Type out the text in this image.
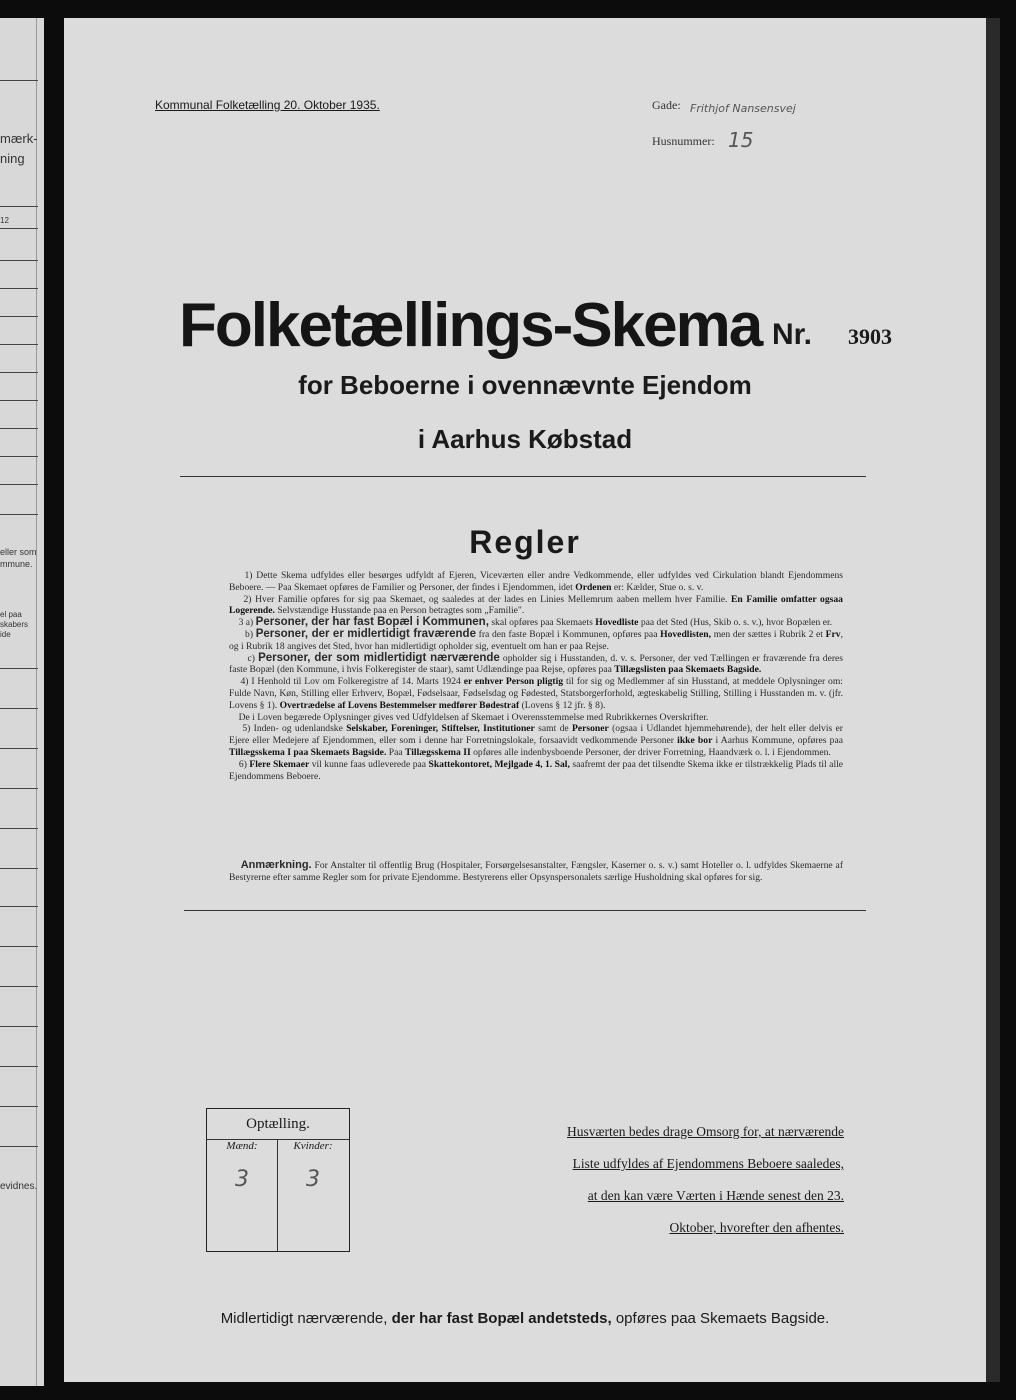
mærk-
ning
12
eller som
mmune.
el paa
skabers
ide
evidnes.
Kommunal Folketælling 20. Oktober 1935.	Gade: Frithjof Nansensvej
Husnummer: 15
Folketællings-Skema Nr. 3903
for Beboerne i ovennævnte Ejendom
i Aarhus Købstad
Regler

1) Dette Skema udfyldes eller besørges udfyldt af Ejeren, Viceværten eller andre Vedkommende, eller udfyldes ved Cirkulation blandt Ejendommens Beboere. — Paa Skemaet opføres de Familier og Personer, der findes i Ejendommen, idet Ordenen er: Kælder, Stue o. s. v.

2) Hver Familie opføres for sig paa Skemaet, og saaledes at der lades en Linies Mellemrum aaben mellem hver Familie. En Familie omfatter ogsaa Logerende. Selvstændige Husstande paa en Person betragtes som „Familie".

3 a) Personer, der har fast Bopæl i Kommunen, skal opføres paa Skemaets Hovedliste paa det Sted (Hus, Skib o. s. v.), hvor Bopælen er.

b) Personer, der er midlertidigt fraværende fra den faste Bopæl i Kommunen, opføres paa Hovedlisten, men der sættes i Rubrik 2 et Frv, og i Rubrik 18 angives det Sted, hvor han midlertidigt opholder sig, eventuelt om han er paa Rejse.

c) Personer, der som midlertidigt nærværende opholder sig i Husstanden, d. v. s. Personer, der ved Tællingen er fraværende fra deres faste Bopæl (den Kommune, i hvis Folkeregister de staar), samt Udlændinge paa Rejse, opføres paa Tillægslisten paa Skemaets Bagside.

4) I Henhold til Lov om Folkeregistre af 14. Marts 1924 er enhver Person pligtig til for sig og Medlemmer af sin Husstand, at meddele Oplysninger om: Fulde Navn, Køn, Stilling eller Erhverv, Bopæl, Fødselsaar, Fødselsdag og Fødested, Statsborgerforhold, ægteskabelig Stilling, Stilling i Husstanden m. v. (jfr. Lovens § 1). Overtrædelse af Lovens Bestemmelser medfører Bødestraf (Lovens § 12 jfr. § 8).

De i Loven begærede Oplysninger gives ved Udfyldelsen af Skemaet i Overensstemmelse med Rubrikkernes Overskrifter.

5) Inden- og udenlandske Selskaber, Foreninger, Stiftelser, Institutioner samt de Personer (ogsaa i Udlandet hjemmehørende), der helt eller delvis er Ejere eller Medejere af Ejendommen, eller som i denne har Forretningslokale, forsaavidt vedkommende Personer ikke bor i Aarhus Kommune, opføres paa Tillægsskema I paa Skemaets Bagside. Paa Tillægsskema II opføres alle indenbysboende Personer, der driver Forretning, Haandværk o. l. i Ejendommen.

6) Flere Skemaer vil kunne faas udleverede paa Skattekontoret, Mejlgade 4, 1. Sal, saafremt der paa det tilsendte Skema ikke er tilstrækkelig Plads til alle Ejendommens Beboere.

Anmærkning. For Anstalter til offentlig Brug (Hospitaler, Forsørgelsesanstalter, Fængsler, Kaserner o. s. v.) samt Hoteller o. l. udfyldes Skemaerne af Bestyrerne efter samme Regler som for private Ejendomme. Bestyrerens eller Opsynspersonalets særlige Husholdning skal opføres for sig.
Optælling.
Mænd:	Kvinder:
3	3
Husværten bedes drage Omsorg for, at nærværende
Liste udfyldes af Ejendommens Beboere saaledes,
at den kan være Værten i Hænde senest den 23.
Oktober, hvorefter den afhentes.
Midlertidigt nærværende, der har fast Bopæl andetsteds, opføres paa Skemaets Bagside.
